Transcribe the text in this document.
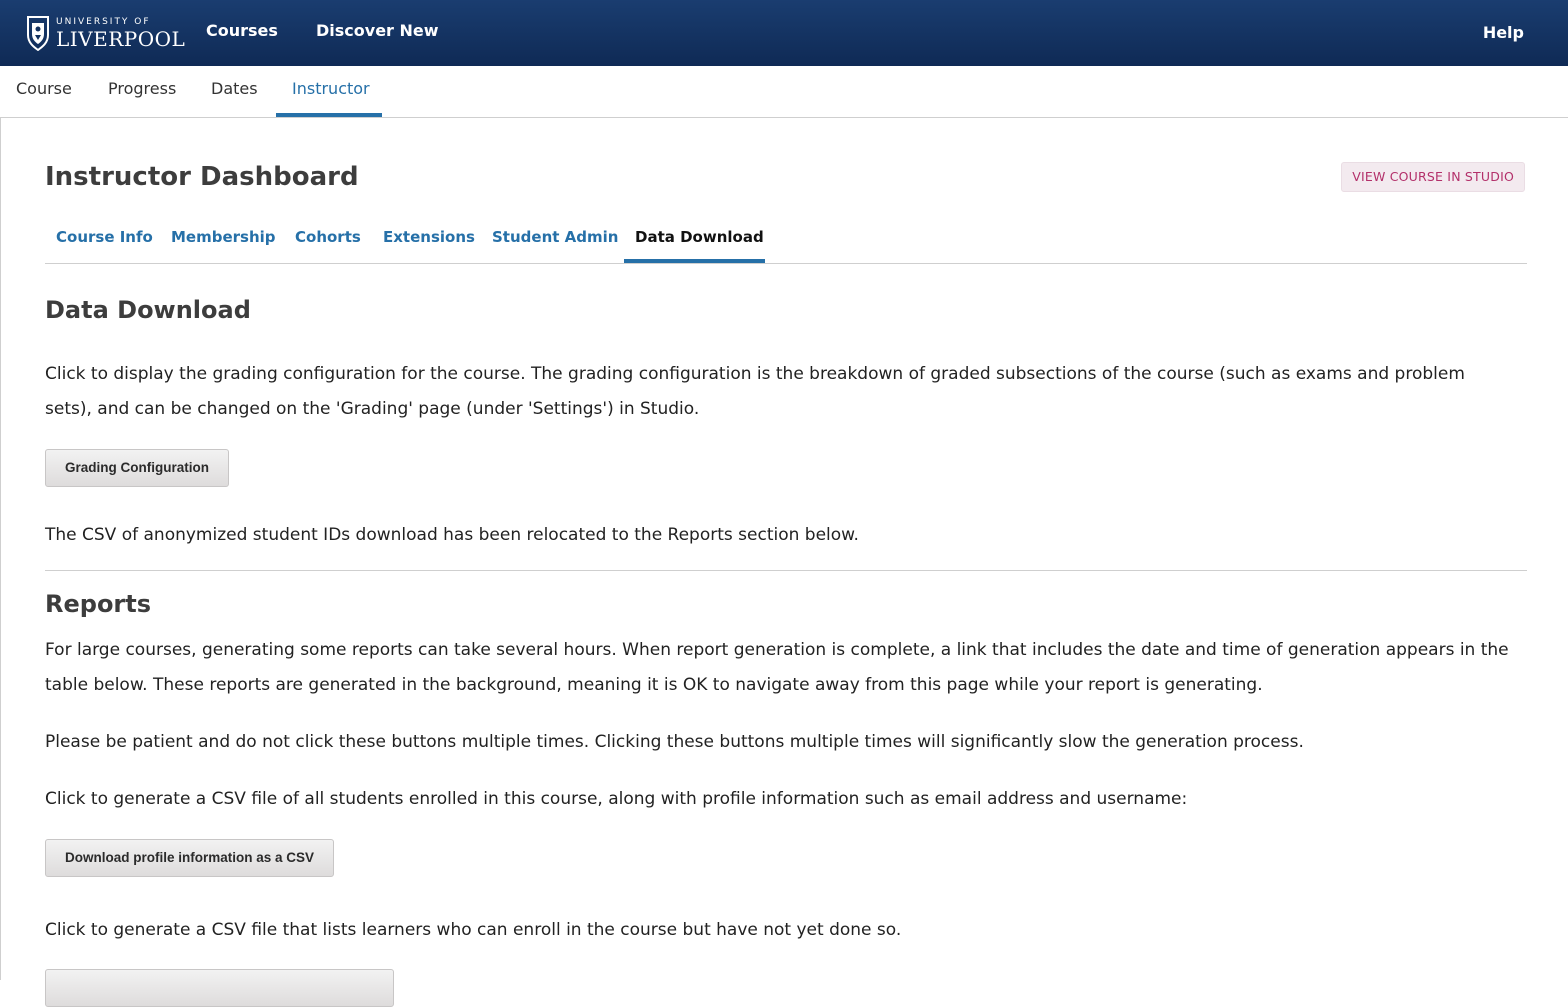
UNIVERSITY OF
LIVERPOOL Courses Discover New	Help
Course Progress Dates Instructor
Instructor Dashboard	VIEW COURSE IN STUDIO
Course Info Membership Cohorts Extensions Student Admin Data Download
Data Download

Click to display the grading configuration for the course. The grading configuration is the breakdown of graded subsections of the course (such as exams and problem sets), and can be changed on the 'Grading' page (under 'Settings') in Studio.

Grading Configuration

The CSV of anonymized student IDs download has been relocated to the Reports section below.

Reports

For large courses, generating some reports can take several hours. When report generation is complete, a link that includes the date and time of generation appears in the table below. These reports are generated in the background, meaning it is OK to navigate away from this page while your report is generating.

Please be patient and do not click these buttons multiple times. Clicking these buttons multiple times will significantly slow the generation process.

Click to generate a CSV file of all students enrolled in this course, along with profile information such as email address and username:

Download profile information as a CSV

Click to generate a CSV file that lists learners who can enroll in the course but have not yet done so.
